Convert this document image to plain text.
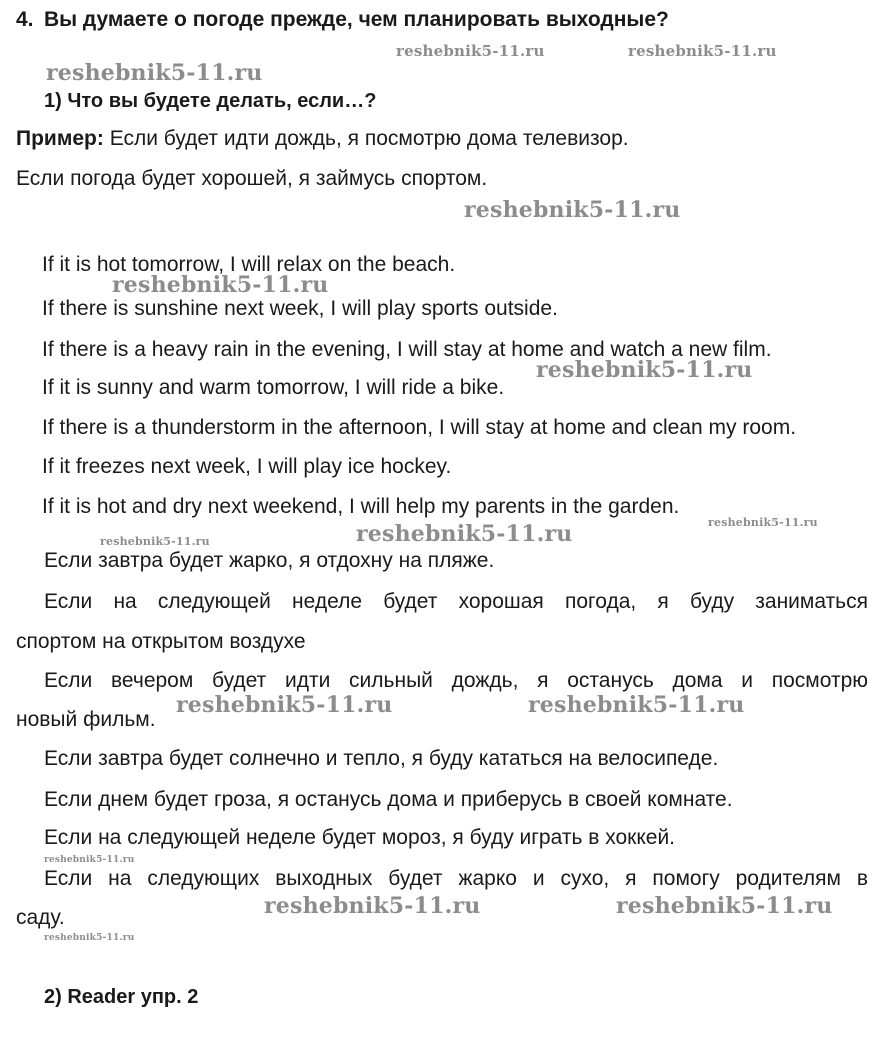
4. Вы думаете о погоде прежде, чем планировать выходные?

1) Что вы будете делать, если…?

Пример: Если будет идти дождь, я посмотрю дома телевизор.

Если погода будет хорошей, я займусь спортом.

If it is hot tomorrow, I will relax on the beach.

If there is sunshine next week, I will play sports outside.

If there is a heavy rain in the evening, I will stay at home and watch a new film.

If it is sunny and warm tomorrow, I will ride a bike.

If there is a thunderstorm in the afternoon, I will stay at home and clean my room.

If it freezes next week, I will play ice hockey.

If it is hot and dry next weekend, I will help my parents in the garden.

Если завтра будет жарко, я отдохну на пляже.

Если на следующей неделе будет хорошая погода, я буду заниматься

спортом на открытом воздухе

Если вечером будет идти сильный дождь, я останусь дома и посмотрю

новый фильм.

Если завтра будет солнечно и тепло, я буду кататься на велосипеде.

Если днем будет гроза, я останусь дома и приберусь в своей комнате.

Если на следующей неделе будет мороз, я буду играть в хоккей.

Если на следующих выходных будет жарко и сухо, я помогу родителям в

саду.

2) Reader упр. 2

reshebnik5-11.ru	reshebnik5-11.ru

reshebnik5-11.ru

reshebnik5-11.ru

reshebnik5-11.ru

reshebnik5-11.ru

reshebnik5-11.ru

reshebnik5-11.ru	reshebnik5-11.ru

reshebnik5-11.ru	reshebnik5-11.ru

reshebnik5-11.ru

reshebnik5-11.ru	reshebnik5-11.ru

reshebnik5-11.ru
